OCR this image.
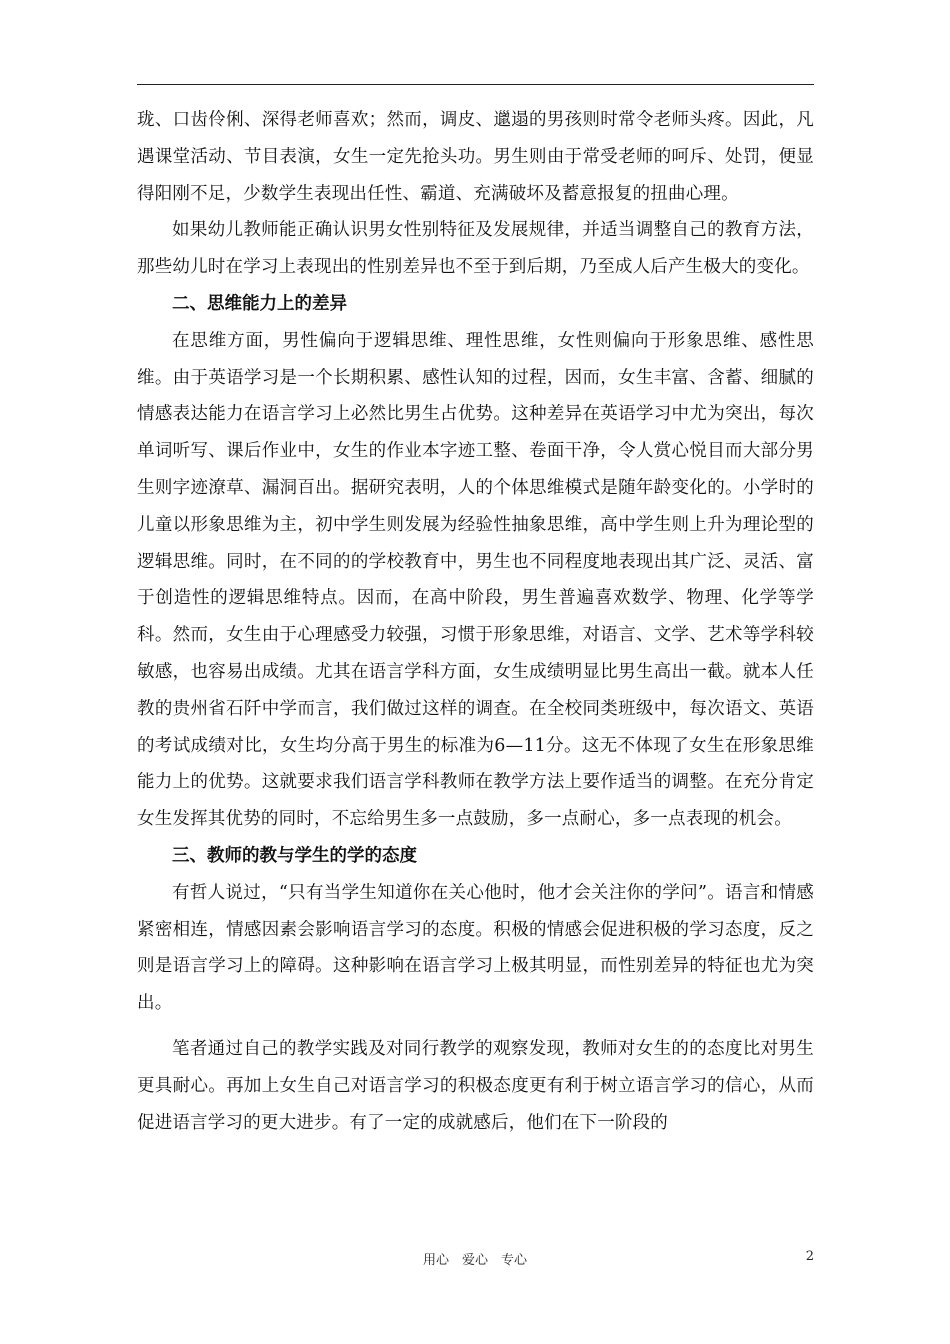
珑、口齿伶俐、深得老师喜欢；然而，调皮、邋遢的男孩则时常令老师头疼。因此，凡遇课堂活动、节目表演，女生一定先抢头功。男生则由于常受老师的呵斥、处罚，便显得阳刚不足，少数学生表现出任性、霸道、充满破坏及蓄意报复的扭曲心理。

如果幼儿教师能正确认识男女性别特征及发展规律，并适当调整自己的教育方法，那些幼儿时在学习上表现出的性别差异也不至于到后期，乃至成人后产生极大的变化。

二、思维能力上的差异

在思维方面，男性偏向于逻辑思维、理性思维，女性则偏向于形象思维、感性思维。由于英语学习是一个长期积累、感性认知的过程，因而，女生丰富、含蓄、细腻的情感表达能力在语言学习上必然比男生占优势。这种差异在英语学习中尤为突出，每次单词听写、课后作业中，女生的作业本字迹工整、卷面干净，令人赏心悦目而大部分男生则字迹潦草、漏洞百出。据研究表明，人的个体思维模式是随年龄变化的。小学时的儿童以形象思维为主，初中学生则发展为经验性抽象思维，高中学生则上升为理论型的逻辑思维。同时，在不同的的学校教育中，男生也不同程度地表现出其广泛、灵活、富于创造性的逻辑思维特点。因而，在高中阶段，男生普遍喜欢数学、物理、化学等学科。然而，女生由于心理感受力较强，习惯于形象思维，对语言、文学、艺术等学科较敏感，也容易出成绩。尤其在语言学科方面，女生成绩明显比男生高出一截。就本人任教的贵州省石阡中学而言，我们做过这样的调查。在全校同类班级中，每次语文、英语的考试成绩对比，女生均分高于男生的标准为6—11分。这无不体现了女生在形象思维能力上的优势。这就要求我们语言学科教师在教学方法上要作适当的调整。在充分肯定女生发挥其优势的同时，不忘给男生多一点鼓励，多一点耐心，多一点表现的机会。

三、教师的教与学生的学的态度

有哲人说过，“只有当学生知道你在关心他时，他才会关注你的学问”。语言和情感紧密相连，情感因素会影响语言学习的态度。积极的情感会促进积极的学习态度，反之则是语言学习上的障碍。这种影响在语言学习上极其明显，而性别差异的特征也尤为突出。

笔者通过自己的教学实践及对同行教学的观察发现，教师对女生的的态度比对男生更具耐心。再加上女生自己对语言学习的积极态度更有利于树立语言学习的信心，从而促进语言学习的更大进步。有了一定的成就感后，他们在下一阶段的

用心　爱心　专心	2
